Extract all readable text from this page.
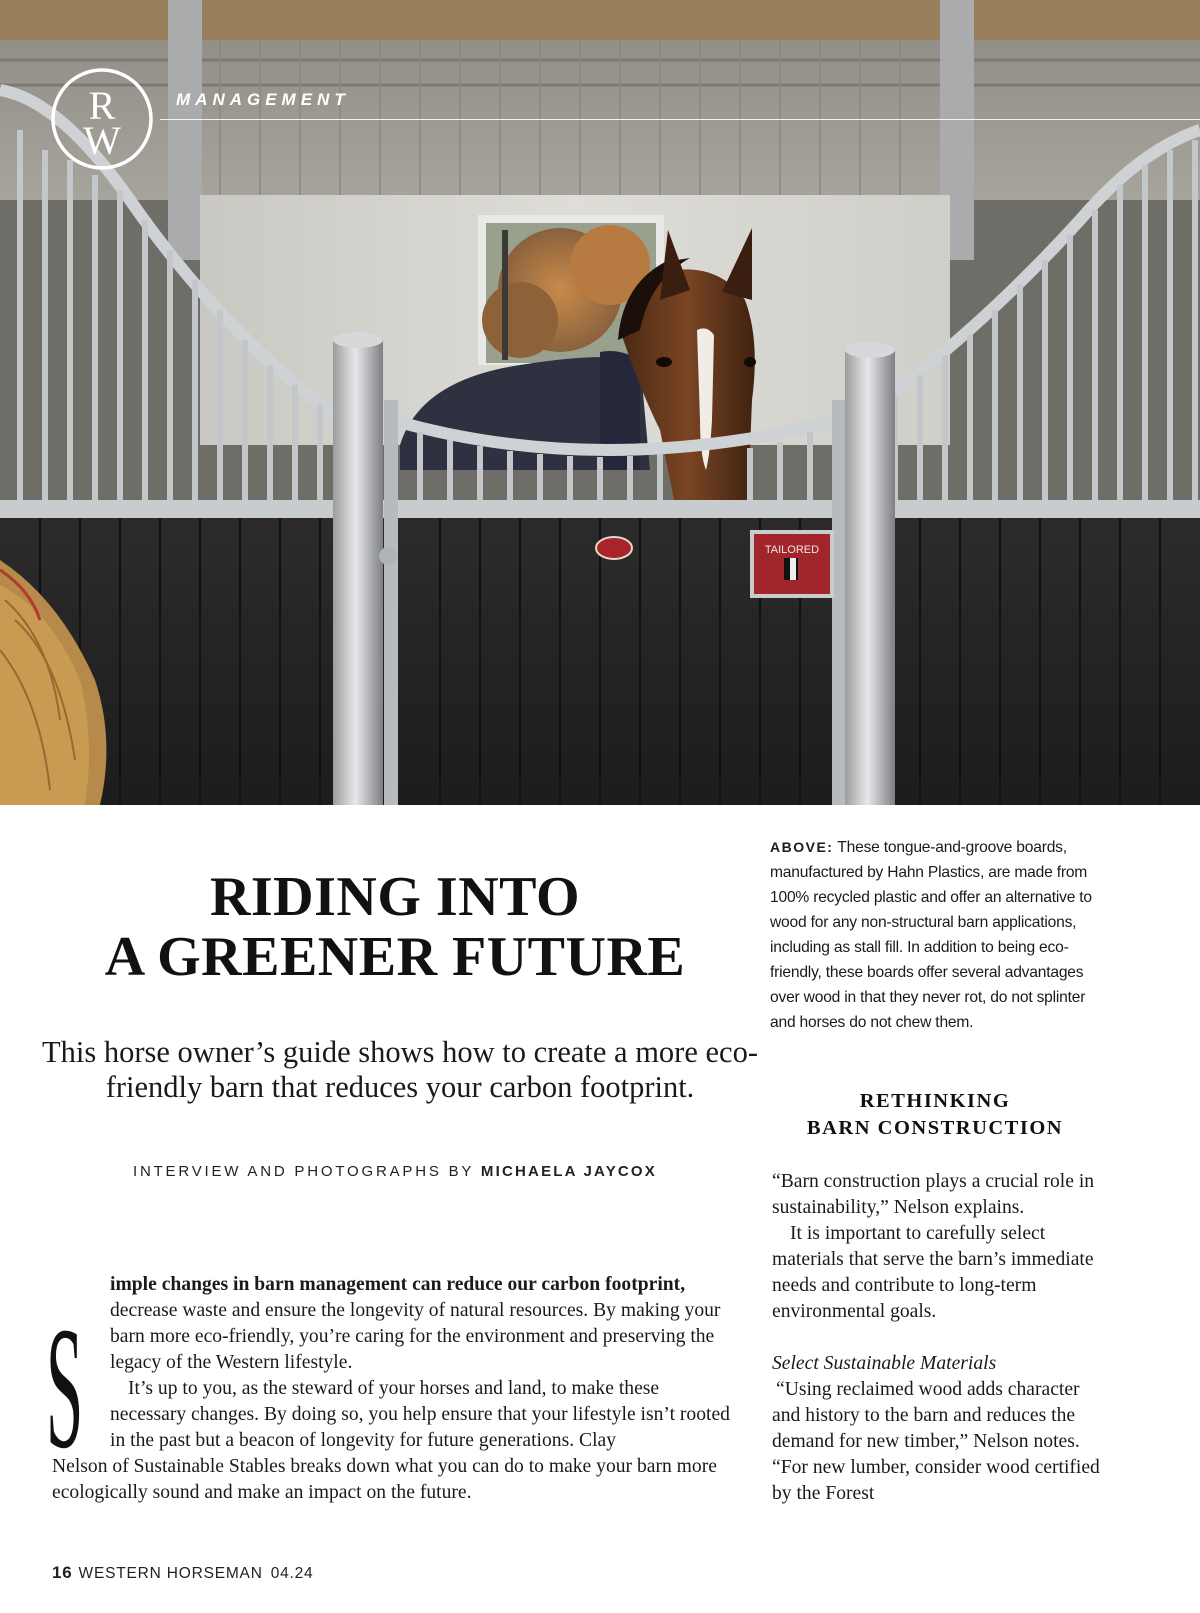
TAILORED
R
W
MANAGEMENT
RIDING INTO
A GREENER FUTURE

This horse owner’s guide shows how to create a more eco-friendly barn that reduces your carbon footprint.

INTERVIEW AND PHOTOGRAPHS BY MICHAELA JAYCOX
S

imple changes in barn management can reduce our carbon footprint, decrease waste and ensure the longevity of natural resources. By making your barn more eco-friendly, you’re caring for the environment and preserving the legacy of the Western lifestyle.

It’s up to you, as the steward of your horses and land, to make these necessary changes. By doing so, you help ensure that your lifestyle isn’t rooted in the past but a beacon of longevity for future generations. Clay

Nelson of Sustainable Stables breaks down what you can do to make your barn more ecologically sound and make an impact on the future.

ABOVE: These tongue-and-groove boards, manufactured by Hahn Plastics, are made from 100% recycled plastic and offer an alternative to wood for any non-structural barn applications, including as stall fill. In addition to being eco-friendly, these boards offer several advantages over wood in that they never rot, do not splinter and horses do not chew them.

RETHINKING
BARN CONSTRUCTION

“Barn construction plays a crucial role in sustainability,” Nelson explains.

It is important to carefully select materials that serve the barn’s immediate needs and contribute to long-term environmental goals.

Select Sustainable Materials

“Using reclaimed wood adds character and history to the barn and reduces the demand for new timber,” Nelson notes. “For new lumber, consider wood certified by the Forest

16 WESTERN HORSEMAN 04.24
